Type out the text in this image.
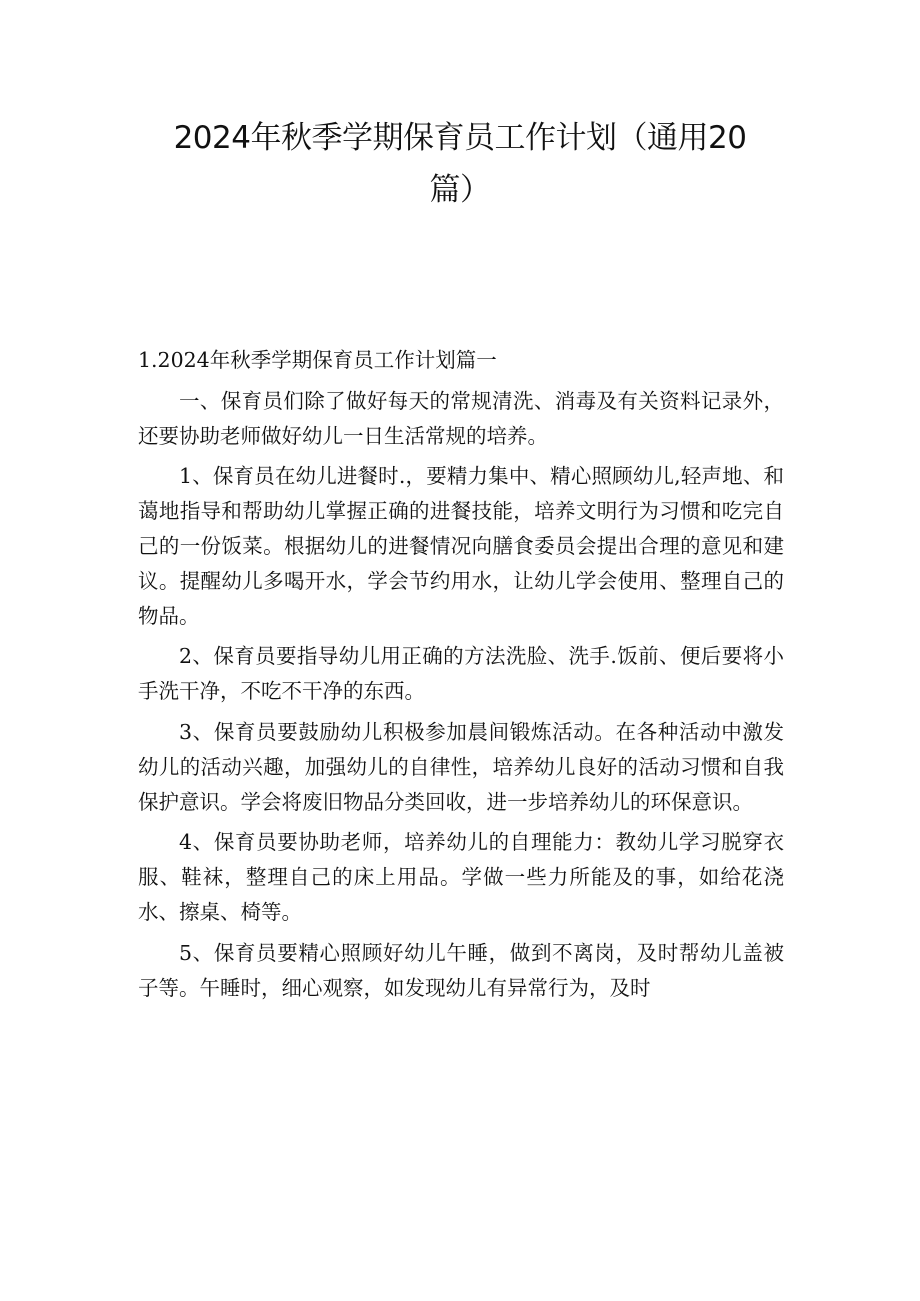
2024年秋季学期保育员工作计划（通用20
篇）

1.2024年秋季学期保育员工作计划篇一

一、保育员们除了做好每天的常规清洗、消毒及有关资料记录外，还要协助老师做好幼儿一日生活常规的培养。

1、保育员在幼儿进餐时.，要精力集中、精心照顾幼儿,轻声地、和蔼地指导和帮助幼儿掌握正确的进餐技能，培养文明行为习惯和吃完自己的一份饭菜。根据幼儿的进餐情况向膳食委员会提出合理的意见和建议。提醒幼儿多喝开水，学会节约用水，让幼儿学会使用、整理自己的物品。

2、保育员要指导幼儿用正确的方法洗脸、洗手.饭前、便后要将小手洗干净，不吃不干净的东西。

3、保育员要鼓励幼儿积极参加晨间锻炼活动。在各种活动中激发幼儿的活动兴趣，加强幼儿的自律性，培养幼儿良好的活动习惯和自我保护意识。学会将废旧物品分类回收，进一步培养幼儿的环保意识。

4、保育员要协助老师，培养幼儿的自理能力：教幼儿学习脱穿衣服、鞋袜，整理自己的床上用品。学做一些力所能及的事，如给花浇水、擦桌、椅等。

5、保育员要精心照顾好幼儿午睡，做到不离岗，及时帮幼儿盖被子等。午睡时，细心观察，如发现幼儿有异常行为，及时
